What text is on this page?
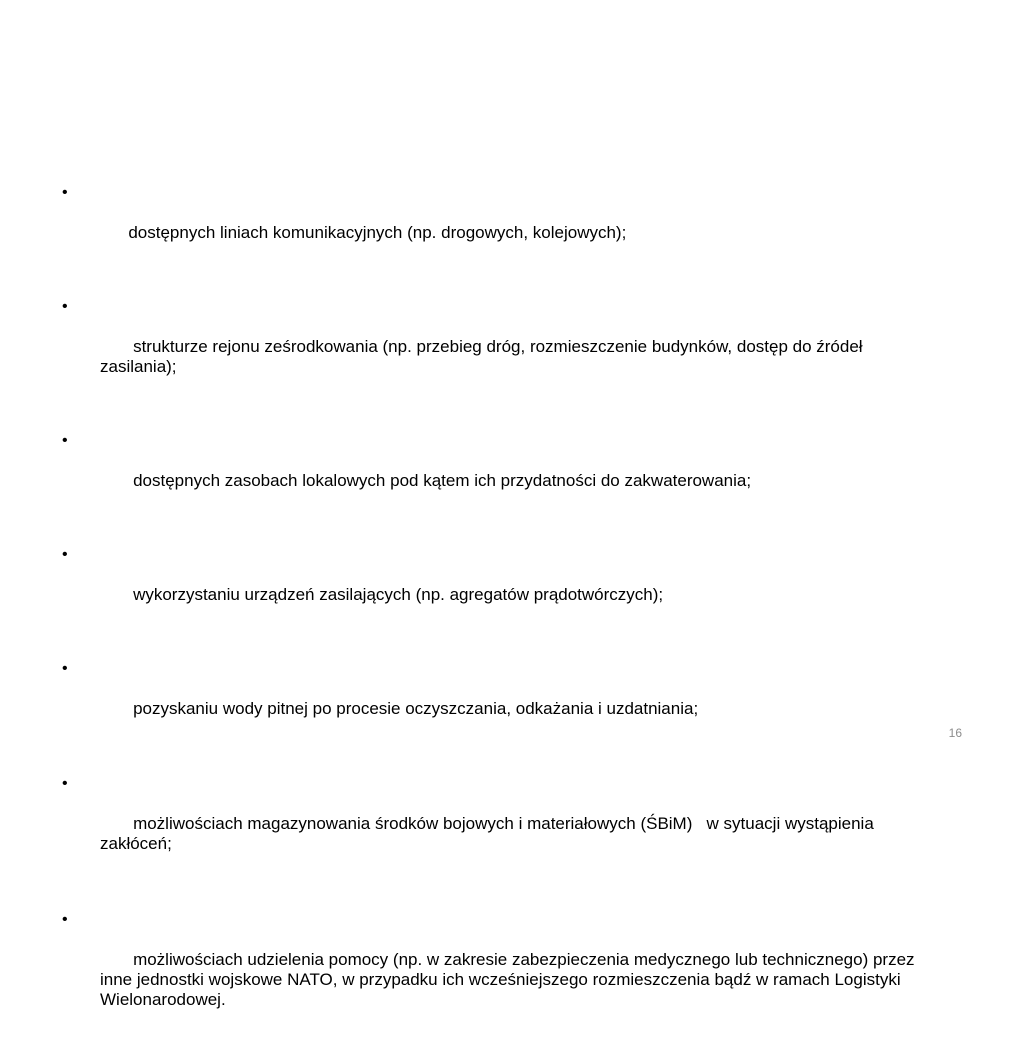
•

dostępnych liniach komunikacyjnych (np. drogowych, kolejowych);

•

strukturze rejonu ześrodkowania (np. przebieg dróg, rozmieszczenie budynków, dostęp do źródeł zasilania);

•

dostępnych zasobach lokalowych pod kątem ich przydatności do zakwaterowania;

•

wykorzystaniu urządzeń zasilających (np. agregatów prądotwórczych);

•

pozyskaniu wody pitnej po procesie oczyszczania, odkażania i uzdatniania;

•

możliwościach magazynowania środków bojowych i materiałowych (ŚBiM)   w sytuacji wystąpienia zakłóceń;

•

możliwościach udzielenia pomocy (np. w zakresie zabezpieczenia medycznego lub technicznego) przez inne jednostki wojskowe NATO, w przypadku ich wcześniejszego rozmieszczenia bądź w ramach Logistyki Wielonarodowej.

16
